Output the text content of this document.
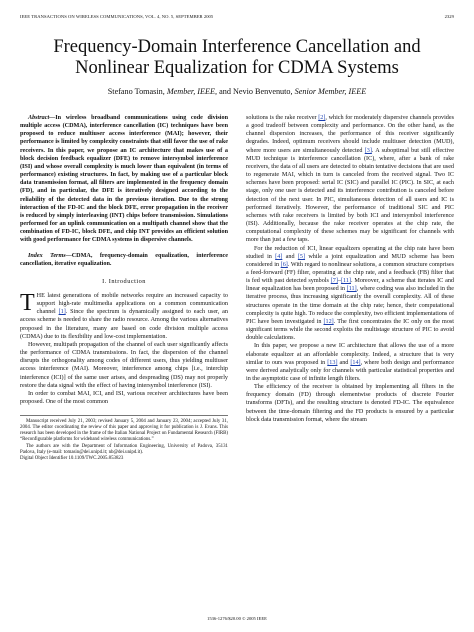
IEEE TRANSACTIONS ON WIRELESS COMMUNICATIONS, VOL. 4, NO. 5, SEPTEMBER 2005	2329
Frequency-Domain Interference Cancellation and Nonlinear Equalization for CDMA Systems
Stefano Tomasin, Member, IEEE, and Nevio Benvenuto, Senior Member, IEEE

Abstract—In wireless broadband communications using code division multiple access (CDMA), interference cancellation (IC) techniques have been proposed to reduce multiuser access interference (MAI); however, their performance is limited by complexity constraints that still favor the use of rake receivers. In this paper, we propose an IC architecture that makes use of a block decision feedback equalizer (DFE) to remove intersymbol interference (ISI) and whose overall complexity is much lower than equivalent (in terms of performance) existing structures. In fact, by making use of a particular block data transmission format, all filters are implemented in the frequency domain (FD), and in particular, the DFE is iteratively designed according to the reliability of the detected data in the previous iteration. Due to the strong interaction of the FD-IC and the block DFE, error propagation in the receiver is reduced by simply interleaving (INT) chips before transmission. Simulations performed for an uplink communication on a multipath channel show that the combination of FD-IC, block DFE, and chip INT provides an efficient solution with good performance for CDMA systems in dispersive channels.

Index Terms—CDMA, frequency-domain equalization, interference cancellation, iterative equalization.

I. Introduction

THE latest generations of mobile networks require an increased capacity to support high-rate multimedia applications on a common communication channel [1]. Since the spectrum is dynamically assigned to each user, an access scheme is needed to share the radio resource. Among the various alternatives proposed in the literature, many are based on code division multiple access (CDMA) due to its flexibility and low-cost implementation.

However, multipath propagation of the channel of each user significantly affects the performance of CDMA transmissions. In fact, the dispersion of the channel disrupts the orthogonality among codes of different users, thus yielding multiuser access interference (MAI). Moreover, interference among chips [i.e., interchip interference (ICI)] of the same user arises, and despreading (DS) may not properly restore the data signal with the effect of having intersymbol interference (ISI).

In order to combat MAI, ICI, and ISI, various receiver architectures have been proposed. One of the most common

Manuscript received July 21, 2003; revised January 5, 2004 and January 23, 2004; accepted July 31, 2004. The editor coordinating the review of this paper and approving it for publication is J. Evans. This research has been developed in the frame of the Italian National Project on Fundamental Research (FIRB) “Reconfigurable platforms for wideband wireless communications.”

The authors are with the Department of Information Engineering, University of Padova, 35131 Padova, Italy (e-mail: tomasin@dei.unipd.it; nb@dei.unipd.it).

Digital Object Identifier 10.1109/TWC.2005.853823

solutions is the rake receiver [2], which for moderately dispersive channels provides a good tradeoff between complexity and performance. On the other hand, as the channel dispersion increases, the performance of this receiver significantly degrades. Indeed, optimum receivers should include multiuser detection (MUD), where more users are simultaneously detected [3]. A suboptimal but still effective MUD technique is interference cancellation (IC), where, after a bank of rake receivers, the data of all users are detected to obtain tentative decisions that are used to regenerate MAI, which in turn is canceled from the received signal. Two IC schemes have been proposed: serial IC (SIC) and parallel IC (PIC). In SIC, at each stage, only one user is detected and its interference contribution is canceled before detection of the next user. In PIC, simultaneous detection of all users and IC is performed iteratively. However, the performance of traditional SIC and PIC schemes with rake receivers is limited by both ICI and intersymbol interference (ISI). Additionally, because the rake receiver operates at the chip rate, the computational complexity of these schemes may be significant for channels with more than just a few taps.

For the reduction of ICI, linear equalizers operating at the chip rate have been studied in [4] and [5] while a joint equalization and MUD scheme has been considered in [6]. With regard to nonlinear solutions, a common structure comprises a feed-forward (FF) filter, operating at the chip rate, and a feedback (FB) filter that is fed with past detected symbols [7]–[11]. Moreover, a scheme that iterates IC and linear equalization has been proposed in [11], where coding was also included in the iterative process, thus increasing significantly the overall complexity. All of these structures operate in the time domain at the chip rate; hence, their computational complexity is quite high. To reduce the complexity, two efficient implementations of PIC have been investigated in [12]. The first concentrates the IC only on the most significant terms while the second exploits the multistage structure of PIC to avoid double calculations.

In this paper, we propose a new IC architecture that allows the use of a more elaborate equalizer at an affordable complexity. Indeed, a structure that is very similar to ours was proposed in [13] and [14], where both design and performance were derived analytically only for channels with particular statistical properties and in the asymptotic case of infinite length filters.

The efficiency of the receiver is obtained by implementing all filters in the frequency domain (FD) through elementwise products of discrete Fourier transforms (DFTs), and the resulting structure is denoted FD-IC. The equivalence between the time-domain filtering and the FD products is ensured by a particular block data transmission format, where the stream

1536-1276/$20.00 © 2005 IEEE
